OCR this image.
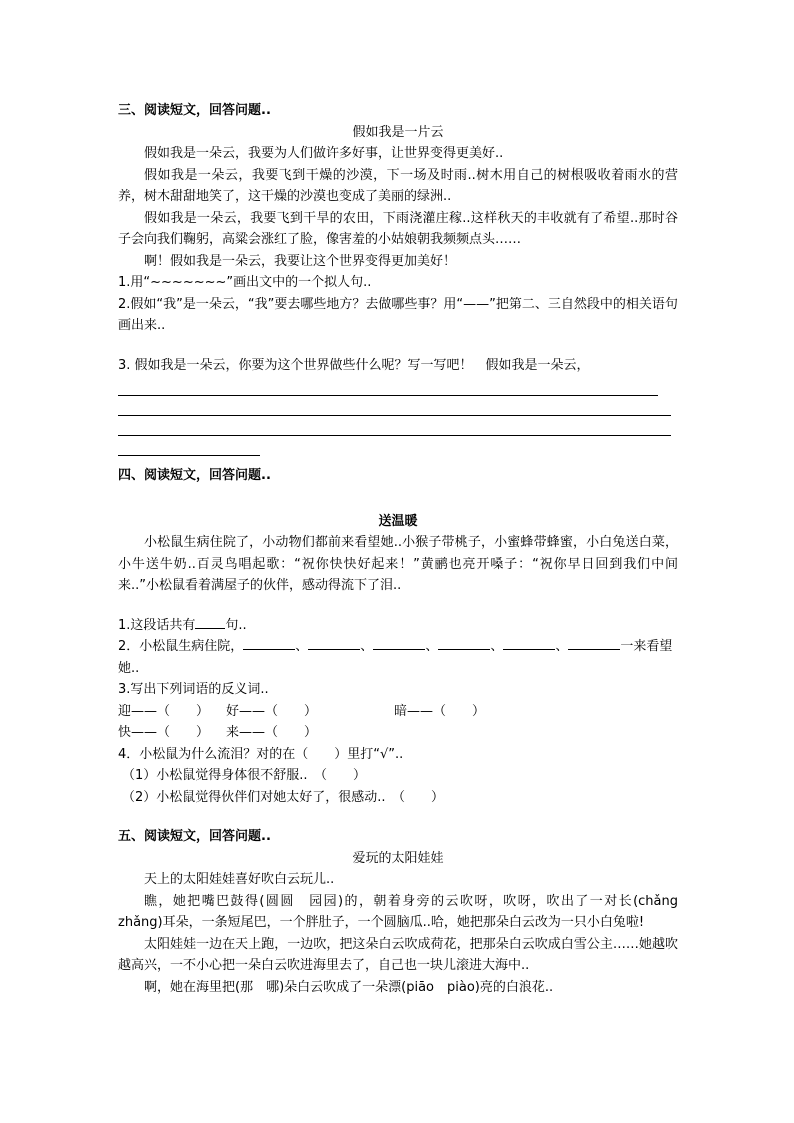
三、阅读短文，回答问题..

假如我是一片云

假如我是一朵云，我要为人们做许多好事，让世界变得更美好..

假如我是一朵云，我要飞到干燥的沙漠，下一场及时雨..树木用自己的树根吸收着雨水的营养，树木甜甜地笑了，这干燥的沙漠也变成了美丽的绿洲..

假如我是一朵云，我要飞到干旱的农田，下雨浇灌庄稼..这样秋天的丰收就有了希望..那时谷子会向我们鞠躬，高粱会涨红了脸，像害羞的小姑娘朝我频频点头……

啊！假如我是一朵云，我要让这个世界变得更加美好！

1.用“~~~~~~~”画出文中的一个拟人句..

2.假如“我”是一朵云，“我”要去哪些地方？去做哪些事？用“——”把第二、三自然段中的相关语句画出来..

3. 假如我是一朵云，你要为这个世界做些什么呢？写一写吧！　假如我是一朵云，

四、阅读短文，回答问题..

送温暖

小松鼠生病住院了，小动物们都前来看望她..小猴子带桃子，小蜜蜂带蜂蜜，小白兔送白菜，小牛送牛奶..百灵鸟唱起歌：“祝你快快好起来！”黄鹂也亮开嗓子：“祝你早日回到我们中间来..”小松鼠看着满屋子的伙伴，感动得流下了泪..

1.这段话共有 句..

2．小松鼠生病住院，	、	、	、	、	、	一来看望她..

3.写出下列词语的反义词..

迎——（　　） 好——（　　）	暗——（　　）

快——（　　） 来——（　　）

4．小松鼠为什么流泪？对的在（　　）里打“√”..

（1）小松鼠觉得身体很不舒服..　（　　）

（2）小松鼠觉得伙伴们对她太好了，很感动..　（　　）

五、阅读短文，回答问题..

爱玩的太阳娃娃

天上的太阳娃娃喜好吹白云玩儿..

瞧，她把嘴巴鼓得(圆圆　园园)的，朝着身旁的云吹呀，吹呀，吹出了一对长(chǎng　zhǎng)耳朵，一条短尾巴，一个胖肚子，一个圆脑瓜..哈，她把那朵白云改为一只小白兔啦!

太阳娃娃一边在天上跑，一边吹，把这朵白云吹成荷花，把那朵白云吹成白雪公主……她越吹越高兴，一不小心把一朵白云吹进海里去了，自己也一块儿滚进大海中..

啊，她在海里把(那　哪)朵白云吹成了一朵漂(piāo　piào)亮的白浪花..
